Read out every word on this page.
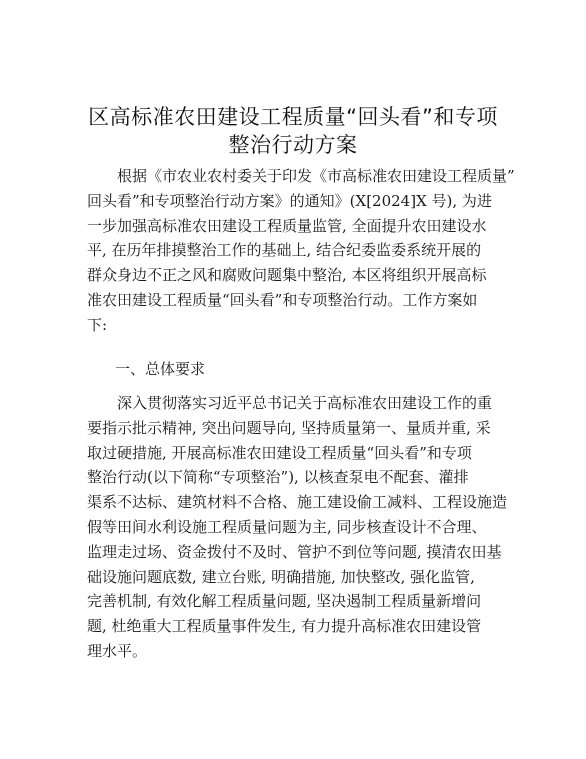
区高标准农田建设工程质量“回头看”和专项
整治行动方案
根据《市农业农村委关于印发《市高标准农田建设工程质量”
回头看”和专项整治行动方案》的通知》(X[2024]X 号), 为进
一步加强高标准农田建设工程质量监管, 全面提升农田建设水
平, 在历年排摸整治工作的基础上, 结合纪委监委系统开展的
群众身边不正之风和腐败问题集中整治, 本区将组织开展高标
准农田建设工程质量“回头看”和专项整治行动。工作方案如
下:
一、总体要求
深入贯彻落实习近平总书记关于高标准农田建设工作的重
要指示批示精神, 突出问题导向, 坚持质量第一、量质并重, 采
取过硬措施, 开展高标准农田建设工程质量“回头看”和专项
整治行动(以下简称“专项整治”), 以核查泵电不配套、灌排
渠系不达标、建筑材料不合格、施工建设偷工减料、工程设施造
假等田间水利设施工程质量问题为主, 同步核查设计不合理、
监理走过场、资金拨付不及时、管护不到位等问题, 摸清农田基
础设施问题底数, 建立台账, 明确措施, 加快整改, 强化监管,
完善机制, 有效化解工程质量问题, 坚决遏制工程质量新增问
题, 杜绝重大工程质量事件发生, 有力提升高标准农田建设管
理水平。
